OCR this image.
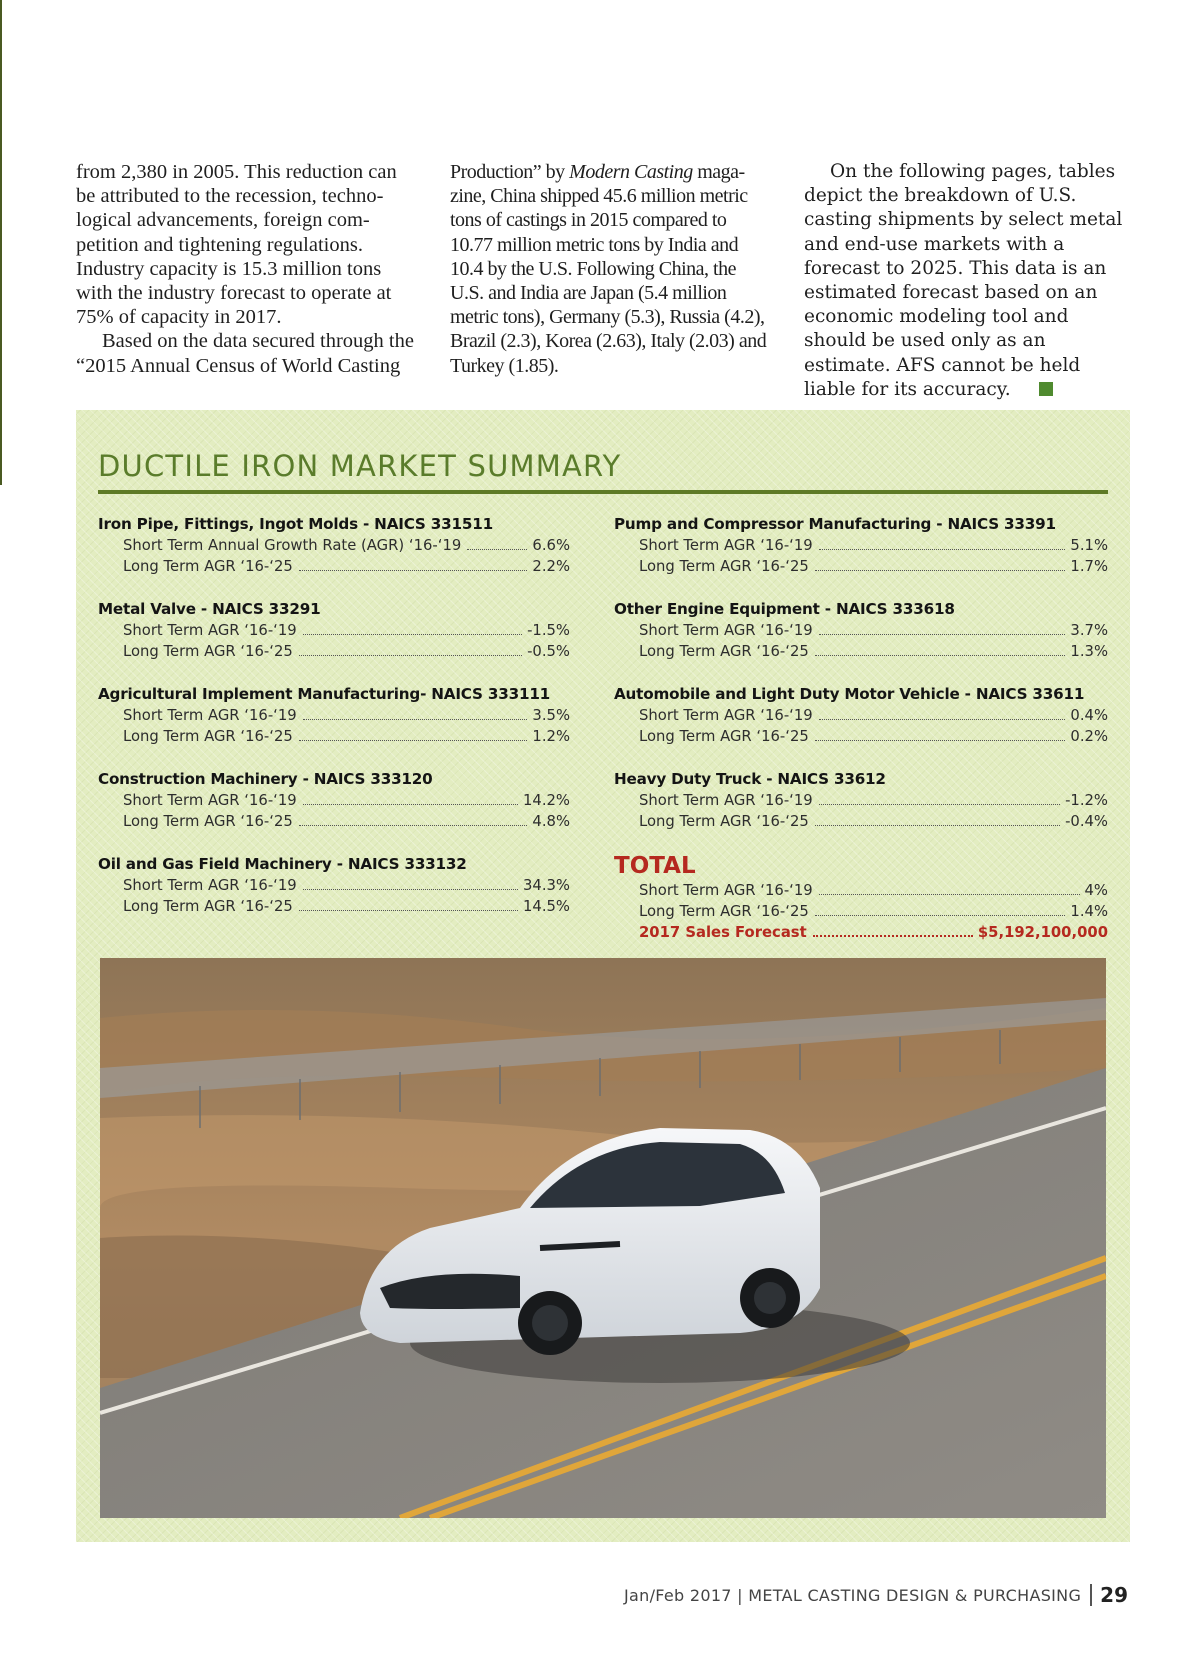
from 2,380 in 2005. This reduction can be attributed to the recession, techno-logical advancements, foreign com-petition and tightening regulations. Industry capacity is 15.3 million tons with the industry forecast to operate at 75% of capacity in 2017.

Based on the data secured through the “2015 Annual Census of World Casting

Production” by Modern Casting maga-zine, China shipped 45.6 million metric tons of castings in 2015 compared to 10.77 million metric tons by India and 10.4 by the U.S. Following China, the U.S. and India are Japan (5.4 million metric tons), Germany (5.3), Russia (4.2), Brazil (2.3), Korea (2.63), Italy (2.03) and Turkey (1.85).

On the following pages, tables depict the breakdown of U.S. casting shipments by select metal and end-use markets with a forecast to 2025. This data is an estimated forecast based on an economic modeling tool and should be used only as an estimate. AFS cannot be held liable for its accuracy.

DUCTILE IRON MARKET SUMMARY
Iron Pipe, Fittings, Ingot Molds - NAICS 331511
Short Term Annual Growth Rate (AGR) ‘16-‘19	6.6%
Long Term AGR ‘16-‘25	2.2%
Metal Valve - NAICS 33291
Short Term AGR ‘16-‘19	-1.5%
Long Term AGR ‘16-‘25	-0.5%
Agricultural Implement Manufacturing- NAICS 333111
Short Term AGR ‘16-‘19	3.5%
Long Term AGR ‘16-‘25	1.2%
Construction Machinery - NAICS 333120
Short Term AGR ‘16-‘19	14.2%
Long Term AGR ‘16-‘25	4.8%
Oil and Gas Field Machinery - NAICS 333132
Short Term AGR ‘16-‘19	34.3%
Long Term AGR ‘16-‘25	14.5%
Pump and Compressor Manufacturing - NAICS 33391
Short Term AGR ‘16-‘19	5.1%
Long Term AGR ‘16-‘25	1.7%
Other Engine Equipment - NAICS 333618
Short Term AGR ‘16-‘19	3.7%
Long Term AGR ‘16-‘25	1.3%
Automobile and Light Duty Motor Vehicle - NAICS 33611
Short Term AGR ‘16-‘19	0.4%
Long Term AGR ‘16-‘25	0.2%
Heavy Duty Truck - NAICS 33612
Short Term AGR ‘16-‘19	-1.2%
Long Term AGR ‘16-‘25	-0.4%
TOTAL
Short Term AGR ‘16-‘19	4%
Long Term AGR ‘16-‘25	1.4%
2017 Sales Forecast	$5,192,100,000
Jan/Feb 2017 | METAL CASTING DESIGN & PURCHASING 29
